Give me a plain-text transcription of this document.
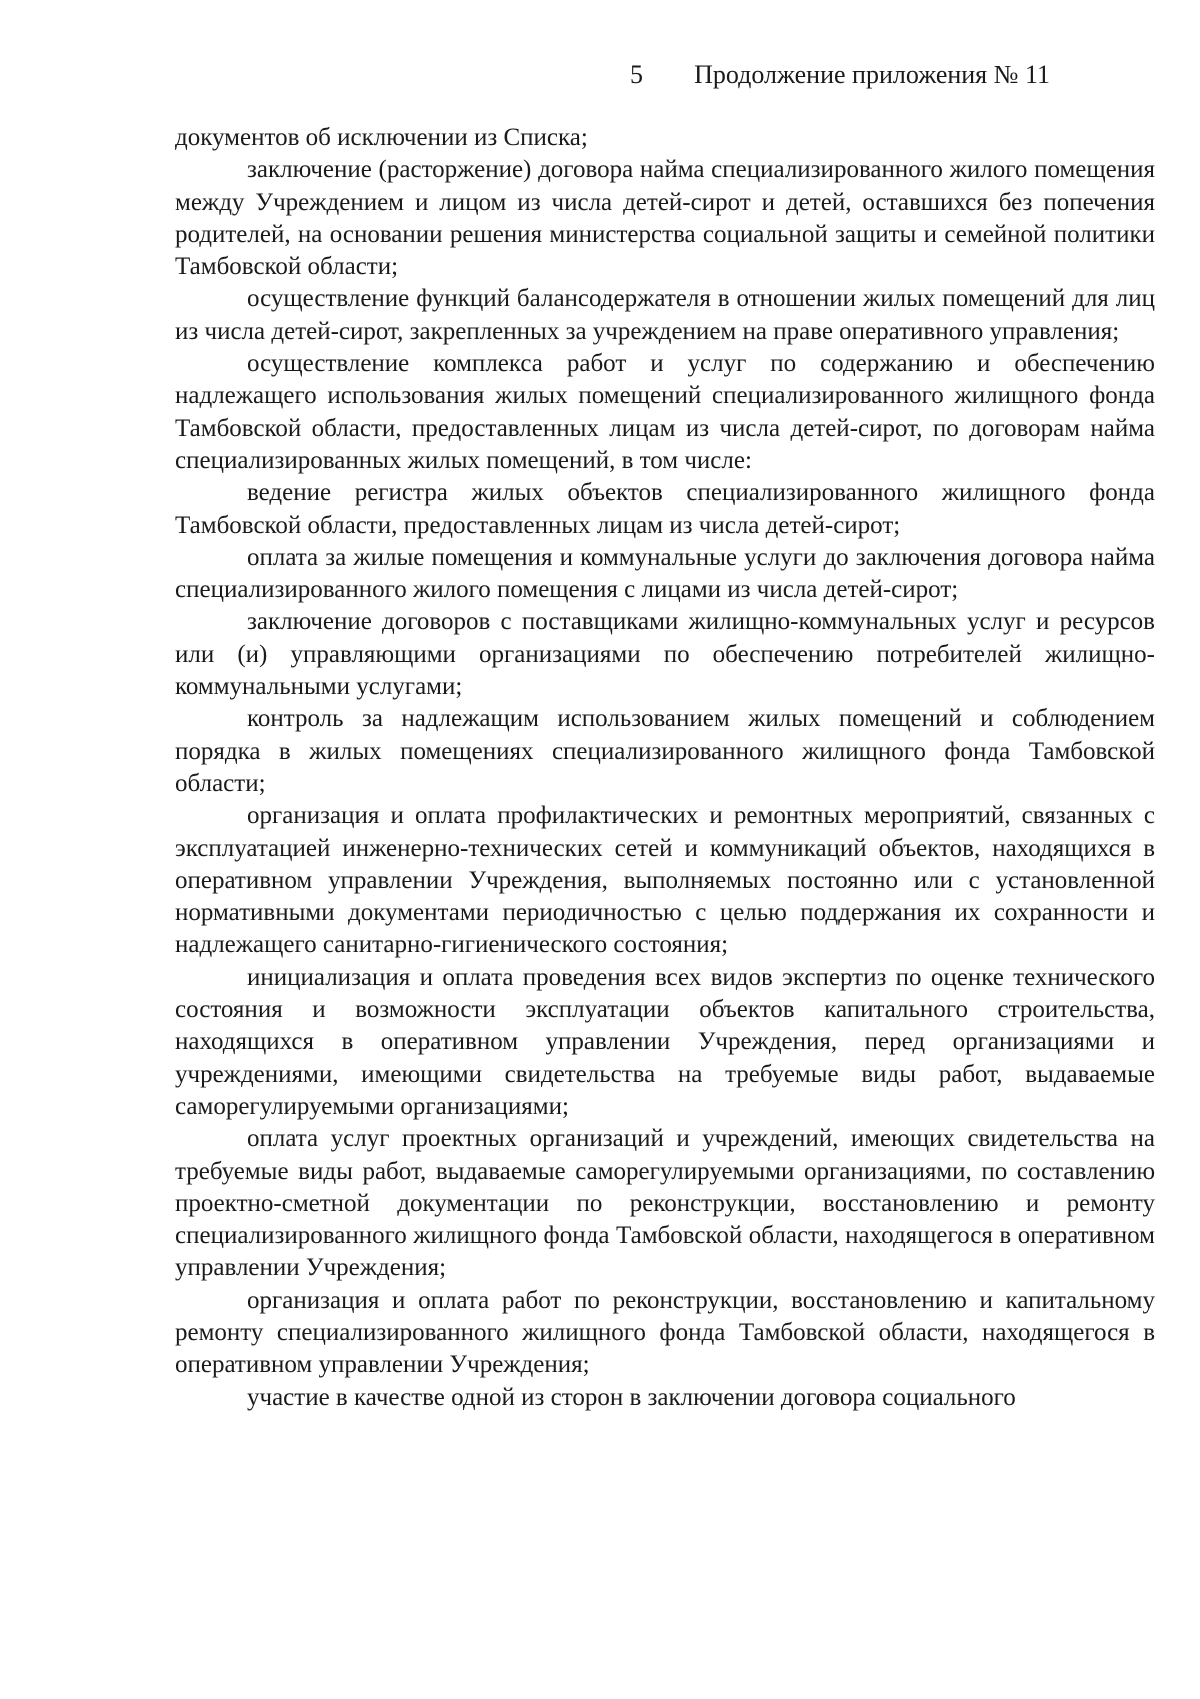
5 Продолжение приложения № 11

документов об исключении из Списка;

заключение (расторжение) договора найма специализированного жилого помещения между Учреждением и лицом из числа детей-сирот и детей, оставшихся без попечения родителей, на основании решения министерства социальной защиты и семейной политики Тамбовской области;

осуществление функций балансодержателя в отношении жилых помещений для лиц из числа детей-сирот, закрепленных за учреждением на праве оперативного управления;

осуществление комплекса работ и услуг по содержанию и обеспечению надлежащего использования жилых помещений специализированного жилищного фонда Тамбовской области, предоставленных лицам из числа детей-сирот, по договорам найма специализированных жилых помещений, в том числе:

ведение регистра жилых объектов специализированного жилищного фонда Тамбовской области, предоставленных лицам из числа детей-сирот;

оплата за жилые помещения и коммунальные услуги до заключения договора найма специализированного жилого помещения с лицами из числа детей-сирот;

заключение договоров с поставщиками жилищно-коммунальных услуг и ресурсов или (и) управляющими организациями по обеспечению потребителей жилищно-коммунальными услугами;

контроль за надлежащим использованием жилых помещений и соблюдением порядка в жилых помещениях специализированного жилищного фонда Тамбовской области;

организация и оплата профилактических и ремонтных мероприятий, связанных с эксплуатацией инженерно-технических сетей и коммуникаций объектов, находящихся в оперативном управлении Учреждения, выполняемых постоянно или с установленной нормативными документами периодичностью с целью поддержания их сохранности и надлежащего санитарно-гигиенического состояния;

инициализация и оплата проведения всех видов экспертиз по оценке технического состояния и возможности эксплуатации объектов капитального строительства, находящихся в оперативном управлении Учреждения, перед организациями и учреждениями, имеющими свидетельства на требуемые виды работ, выдаваемые саморегулируемыми организациями;

оплата услуг проектных организаций и учреждений, имеющих свидетельства на требуемые виды работ, выдаваемые саморегулируемыми организациями, по составлению проектно-сметной документации по реконструкции, восстановлению и ремонту специализированного жилищного фонда Тамбовской области, находящегося в оперативном управлении Учреждения;

организация и оплата работ по реконструкции, восстановлению и капитальному ремонту специализированного жилищного фонда Тамбовской области, находящегося в оперативном управлении Учреждения;

участие в качестве одной из сторон в заключении договора социального
